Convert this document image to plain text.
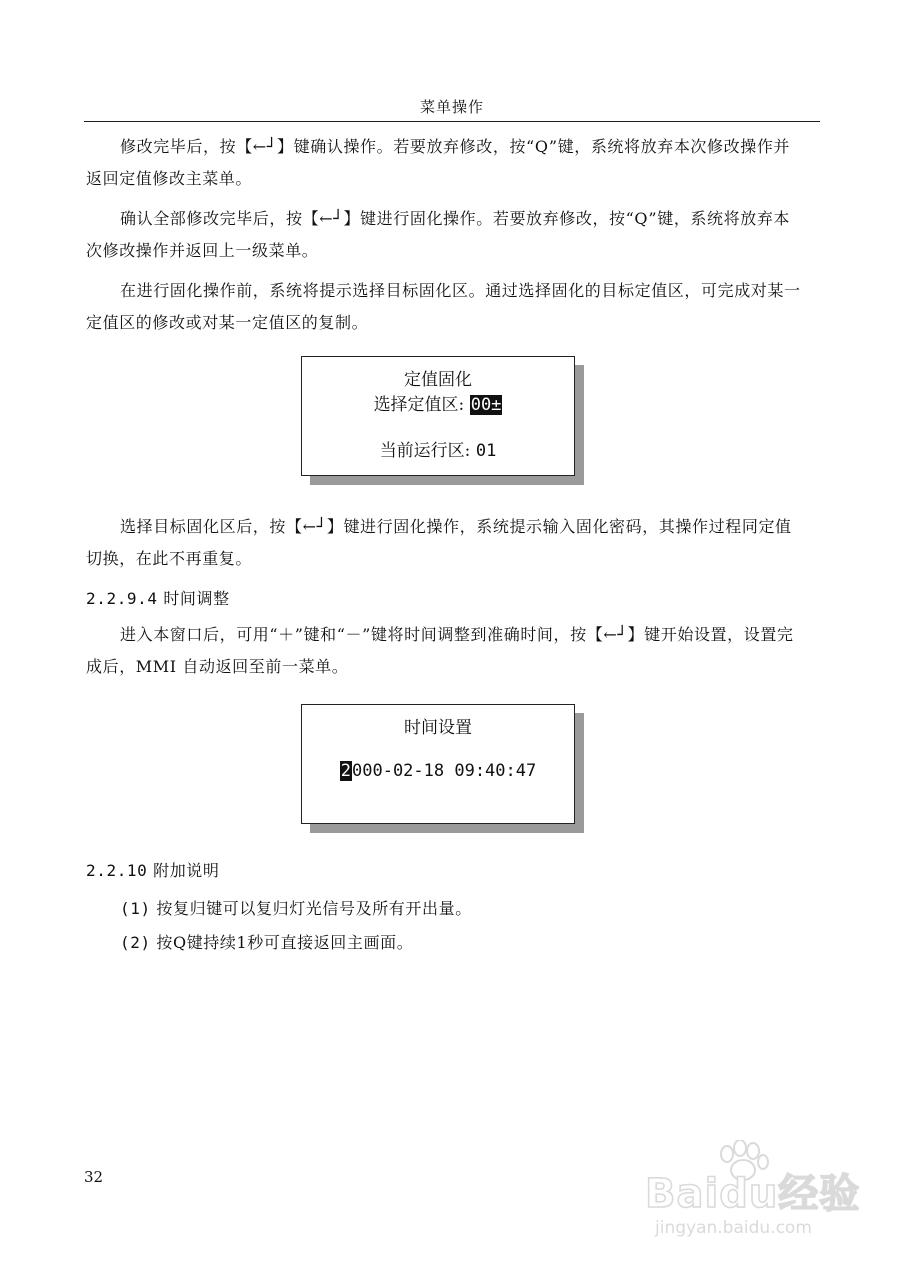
菜单操作

修改完毕后，按【←┘】键确认操作。若要放弃修改，按“Q”键，系统将放弃本次修改操作并返回定值修改主菜单。

确认全部修改完毕后，按【←┘】键进行固化操作。若要放弃修改，按“Q”键，系统将放弃本次修改操作并返回上一级菜单。

在进行固化操作前，系统将提示选择目标固化区。通过选择固化的目标定值区，可完成对某一定值区的修改或对某一定值区的复制。

定值固化
选择定值区: 00±
当前运行区: 01

选择目标固化区后，按【←┘】键进行固化操作，系统提示输入固化密码，其操作过程同定值切换，在此不再重复。

2.2.9.4 时间调整

进入本窗口后，可用“＋”键和“－”键将时间调整到准确时间，按【←┘】键开始设置，设置完成后，MMI 自动返回至前一菜单。

时间设置
2000-02-18 09:40:47
2.2.10 附加说明
(1) 按复归键可以复归灯光信号及所有开出量。
(2) 按Q键持续1秒可直接返回主画面。
32	Baidu经验
jingyan.baidu.com
